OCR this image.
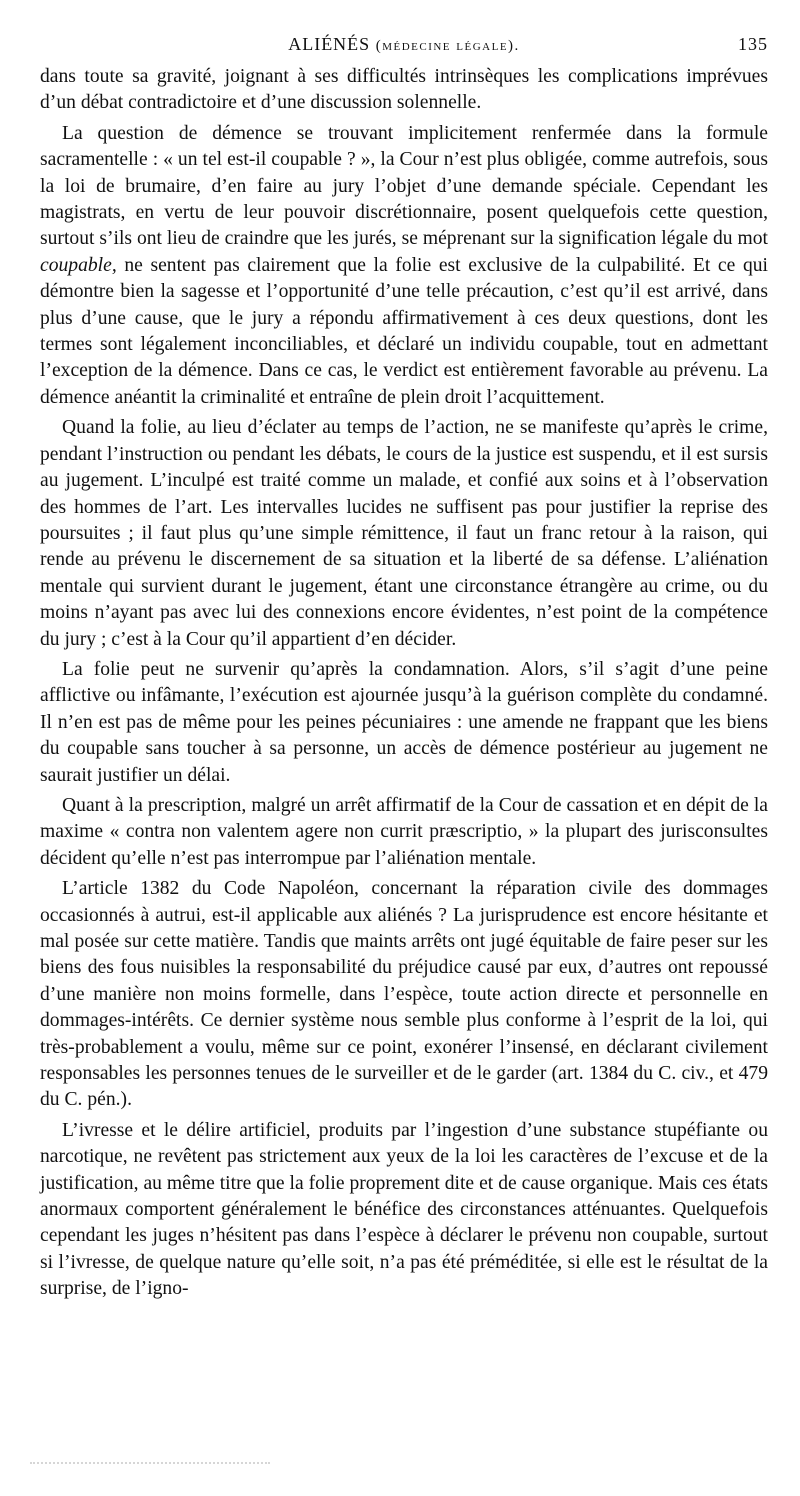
ALIÉNÉS (médecine légale).	135

dans toute sa gravité, joignant à ses difficultés intrinsèques les complications imprévues d’un débat contradictoire et d’une discussion solennelle.

La question de démence se trouvant implicitement renfermée dans la formule sacramentelle : « un tel est-il coupable ? », la Cour n’est plus obligée, comme autrefois, sous la loi de brumaire, d’en faire au jury l’objet d’une demande spéciale. Cependant les magistrats, en vertu de leur pouvoir discrétionnaire, posent quelquefois cette question, surtout s’ils ont lieu de craindre que les jurés, se méprenant sur la signification légale du mot coupable, ne sentent pas clairement que la folie est exclusive de la culpabilité. Et ce qui démontre bien la sagesse et l’opportunité d’une telle précaution, c’est qu’il est arrivé, dans plus d’une cause, que le jury a répondu affirmativement à ces deux questions, dont les termes sont légalement inconciliables, et déclaré un individu coupable, tout en admettant l’exception de la démence. Dans ce cas, le verdict est entièrement favorable au prévenu. La démence anéantit la criminalité et entraîne de plein droit l’acquittement.

Quand la folie, au lieu d’éclater au temps de l’action, ne se manifeste qu’après le crime, pendant l’instruction ou pendant les débats, le cours de la justice est suspendu, et il est sursis au jugement. L’inculpé est traité comme un malade, et confié aux soins et à l’observation des hommes de l’art. Les intervalles lucides ne suffisent pas pour justifier la reprise des poursuites ; il faut plus qu’une simple rémittence, il faut un franc retour à la raison, qui rende au prévenu le discernement de sa situation et la liberté de sa défense. L’aliénation mentale qui survient durant le jugement, étant une circonstance étrangère au crime, ou du moins n’ayant pas avec lui des connexions encore évidentes, n’est point de la compétence du jury ; c’est à la Cour qu’il appartient d’en décider.

La folie peut ne survenir qu’après la condamnation. Alors, s’il s’agit d’une peine afflictive ou infâmante, l’exécution est ajournée jusqu’à la guérison complète du condamné. Il n’en est pas de même pour les peines pécuniaires : une amende ne frappant que les biens du coupable sans toucher à sa personne, un accès de démence postérieur au jugement ne saurait justifier un délai.

Quant à la prescription, malgré un arrêt affirmatif de la Cour de cassation et en dépit de la maxime « contra non valentem agere non currit præscriptio, » la plupart des jurisconsultes décident qu’elle n’est pas interrompue par l’aliénation mentale.

L’article 1382 du Code Napoléon, concernant la réparation civile des dommages occasionnés à autrui, est-il applicable aux aliénés ? La jurisprudence est encore hésitante et mal posée sur cette matière. Tandis que maints arrêts ont jugé équitable de faire peser sur les biens des fous nuisibles la responsabilité du préjudice causé par eux, d’autres ont repoussé d’une manière non moins formelle, dans l’espèce, toute action directe et personnelle en dommages-intérêts. Ce dernier système nous semble plus conforme à l’esprit de la loi, qui très-probablement a voulu, même sur ce point, exonérer l’insensé, en déclarant civilement responsables les personnes tenues de le surveiller et de le garder (art. 1384 du C. civ., et 479 du C. pén.).

L’ivresse et le délire artificiel, produits par l’ingestion d’une substance stupéfiante ou narcotique, ne revêtent pas strictement aux yeux de la loi les caractères de l’excuse et de la justification, au même titre que la folie proprement dite et de cause organique. Mais ces états anormaux comportent généralement le bénéfice des circonstances atténuantes. Quelquefois cependant les juges n’hésitent pas dans l’espèce à déclarer le prévenu non coupable, surtout si l’ivresse, de quelque nature qu’elle soit, n’a pas été préméditée, si elle est le résultat de la surprise, de l’igno-
